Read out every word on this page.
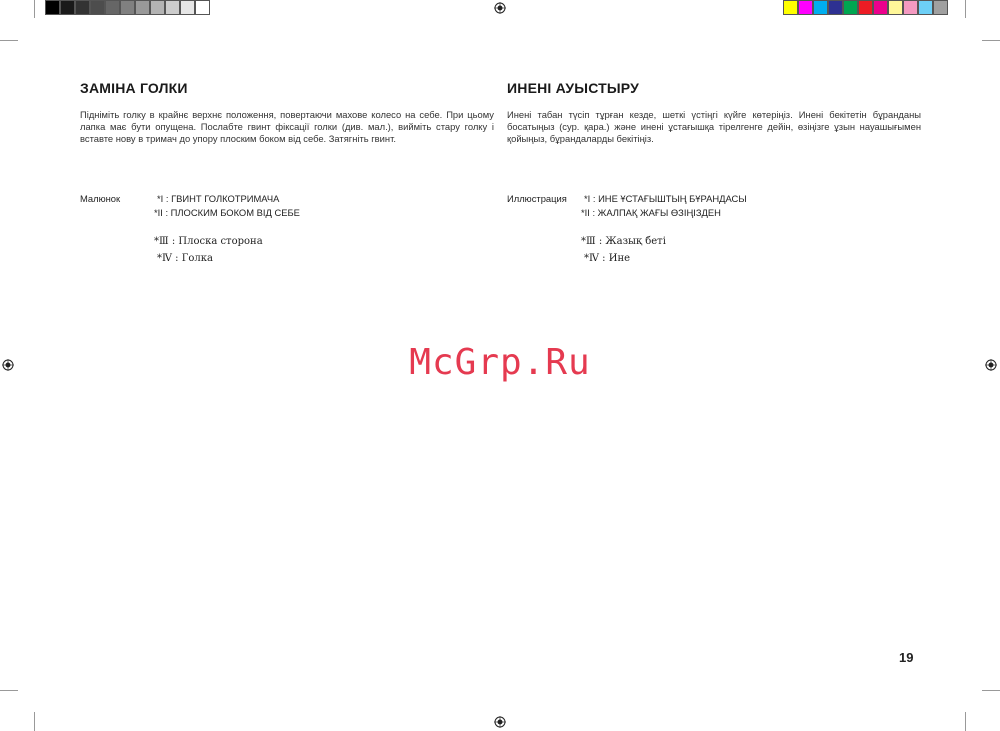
ЗАМІНА ГОЛКИ

Підніміть голку в крайнє верхнє положення, повертаючи махове колесо на себе. При цьому лапка має бути опущена. Послабте гвинт фіксації голки (див. мал.), вийміть стару голку і вставте нову в тримач до упору плоским боком від себе. Затягніть гвинт.

Малюнок	*І : ГВИНТ ГОЛКОТРИМАЧА
*ІІ : ПЛОСКИМ БОКОМ ВІД СЕБЕ
*Ⅲ : Плоска сторона
*Ⅳ : Голка
ИНЕНІ АУЫСТЫРУ

Инені табан түсіп тұрған кезде, шеткі үстіңгі күйге көтеріңіз. Инені бекітетін бұранданы босатыңыз (сур. қара.) және инені ұстағышқа тірелгенге дейін, өзіңізге ұзын науашығымен қойыңыз, бұрандаларды бекітіңіз.

Иллюстрация *І : ИНЕ ҰСТАҒЫШТЫҢ БҰРАНДАСЫ
*ІІ : ЖАЛПАҚ ЖАҒЫ ӨЗІҢІЗДЕН
*Ⅲ : Жазық беті
*Ⅳ : Ине
McGrp.Ru
19
